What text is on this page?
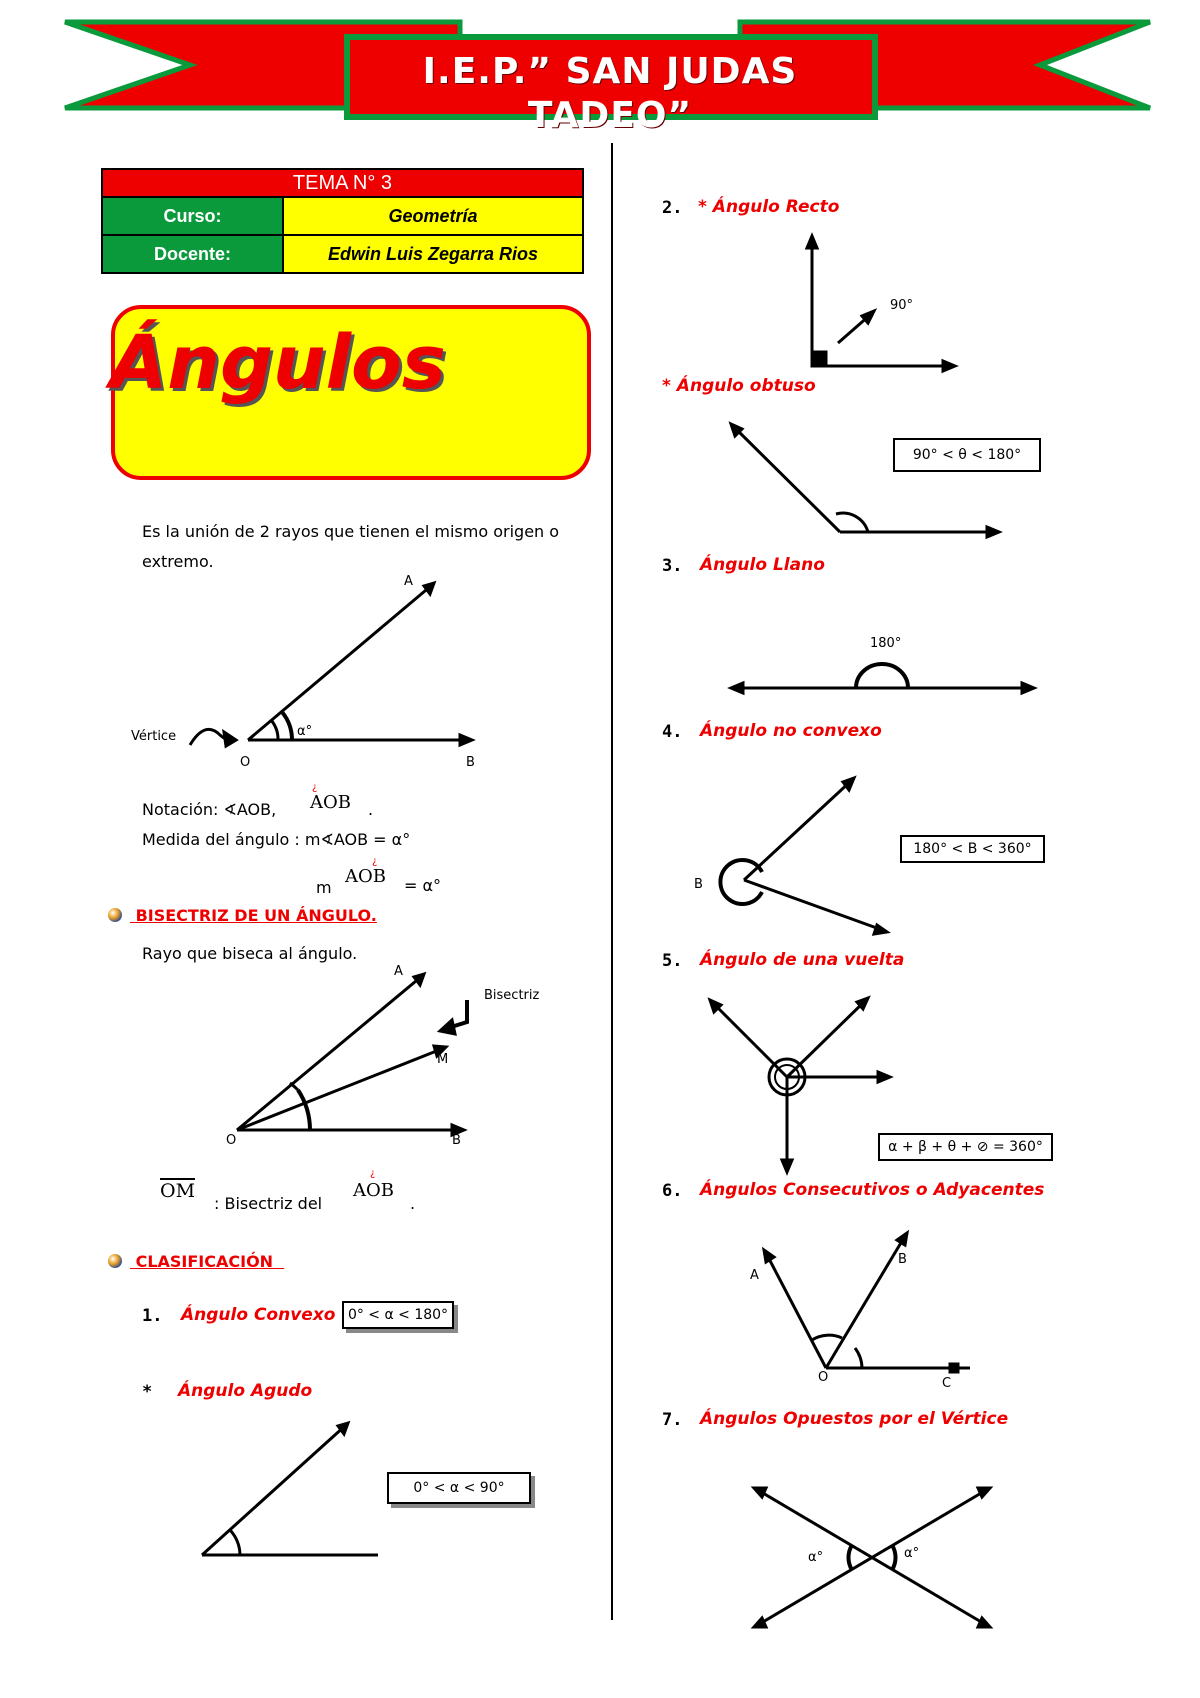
I.E.P.” SAN JUDAS TADEO”
TEMA N° 3	
Curso:	Geometría
Docente:	Edwin Luis Zegarra Rios
Ángulos
Es la unión de 2 rayos que tienen el mismo origen o
extremo.
A
B
O
α°
Vértice
Notación: ∢AOB,
¿
AOB .
Medida del ángulo : m∢AOB = α°
m
¿
AOB = α°
BISECTRIZ DE UN ÁNGULO.
Rayo que biseca al ángulo.
A
B
O
M
Bisectriz
OM
: Bisectriz del
¿
AOB
.
CLASIFICACIÓN
1. Ángulo Convexo 0° < α < 180°
* Ángulo Agudo
0° < α < 90°
2. * Ángulo Recto
90°
* Ángulo obtuso
90° < θ < 180°
3. Ángulo Llano
180°
4. Ángulo no convexo
180° < B < 360°
B
5. Ángulo de una vuelta
α + β + θ + ⊘ = 360°
6. Ángulos Consecutivos o Adyacentes
A
B
O	C
7. Ángulos Opuestos por el Vértice
α°	α°
